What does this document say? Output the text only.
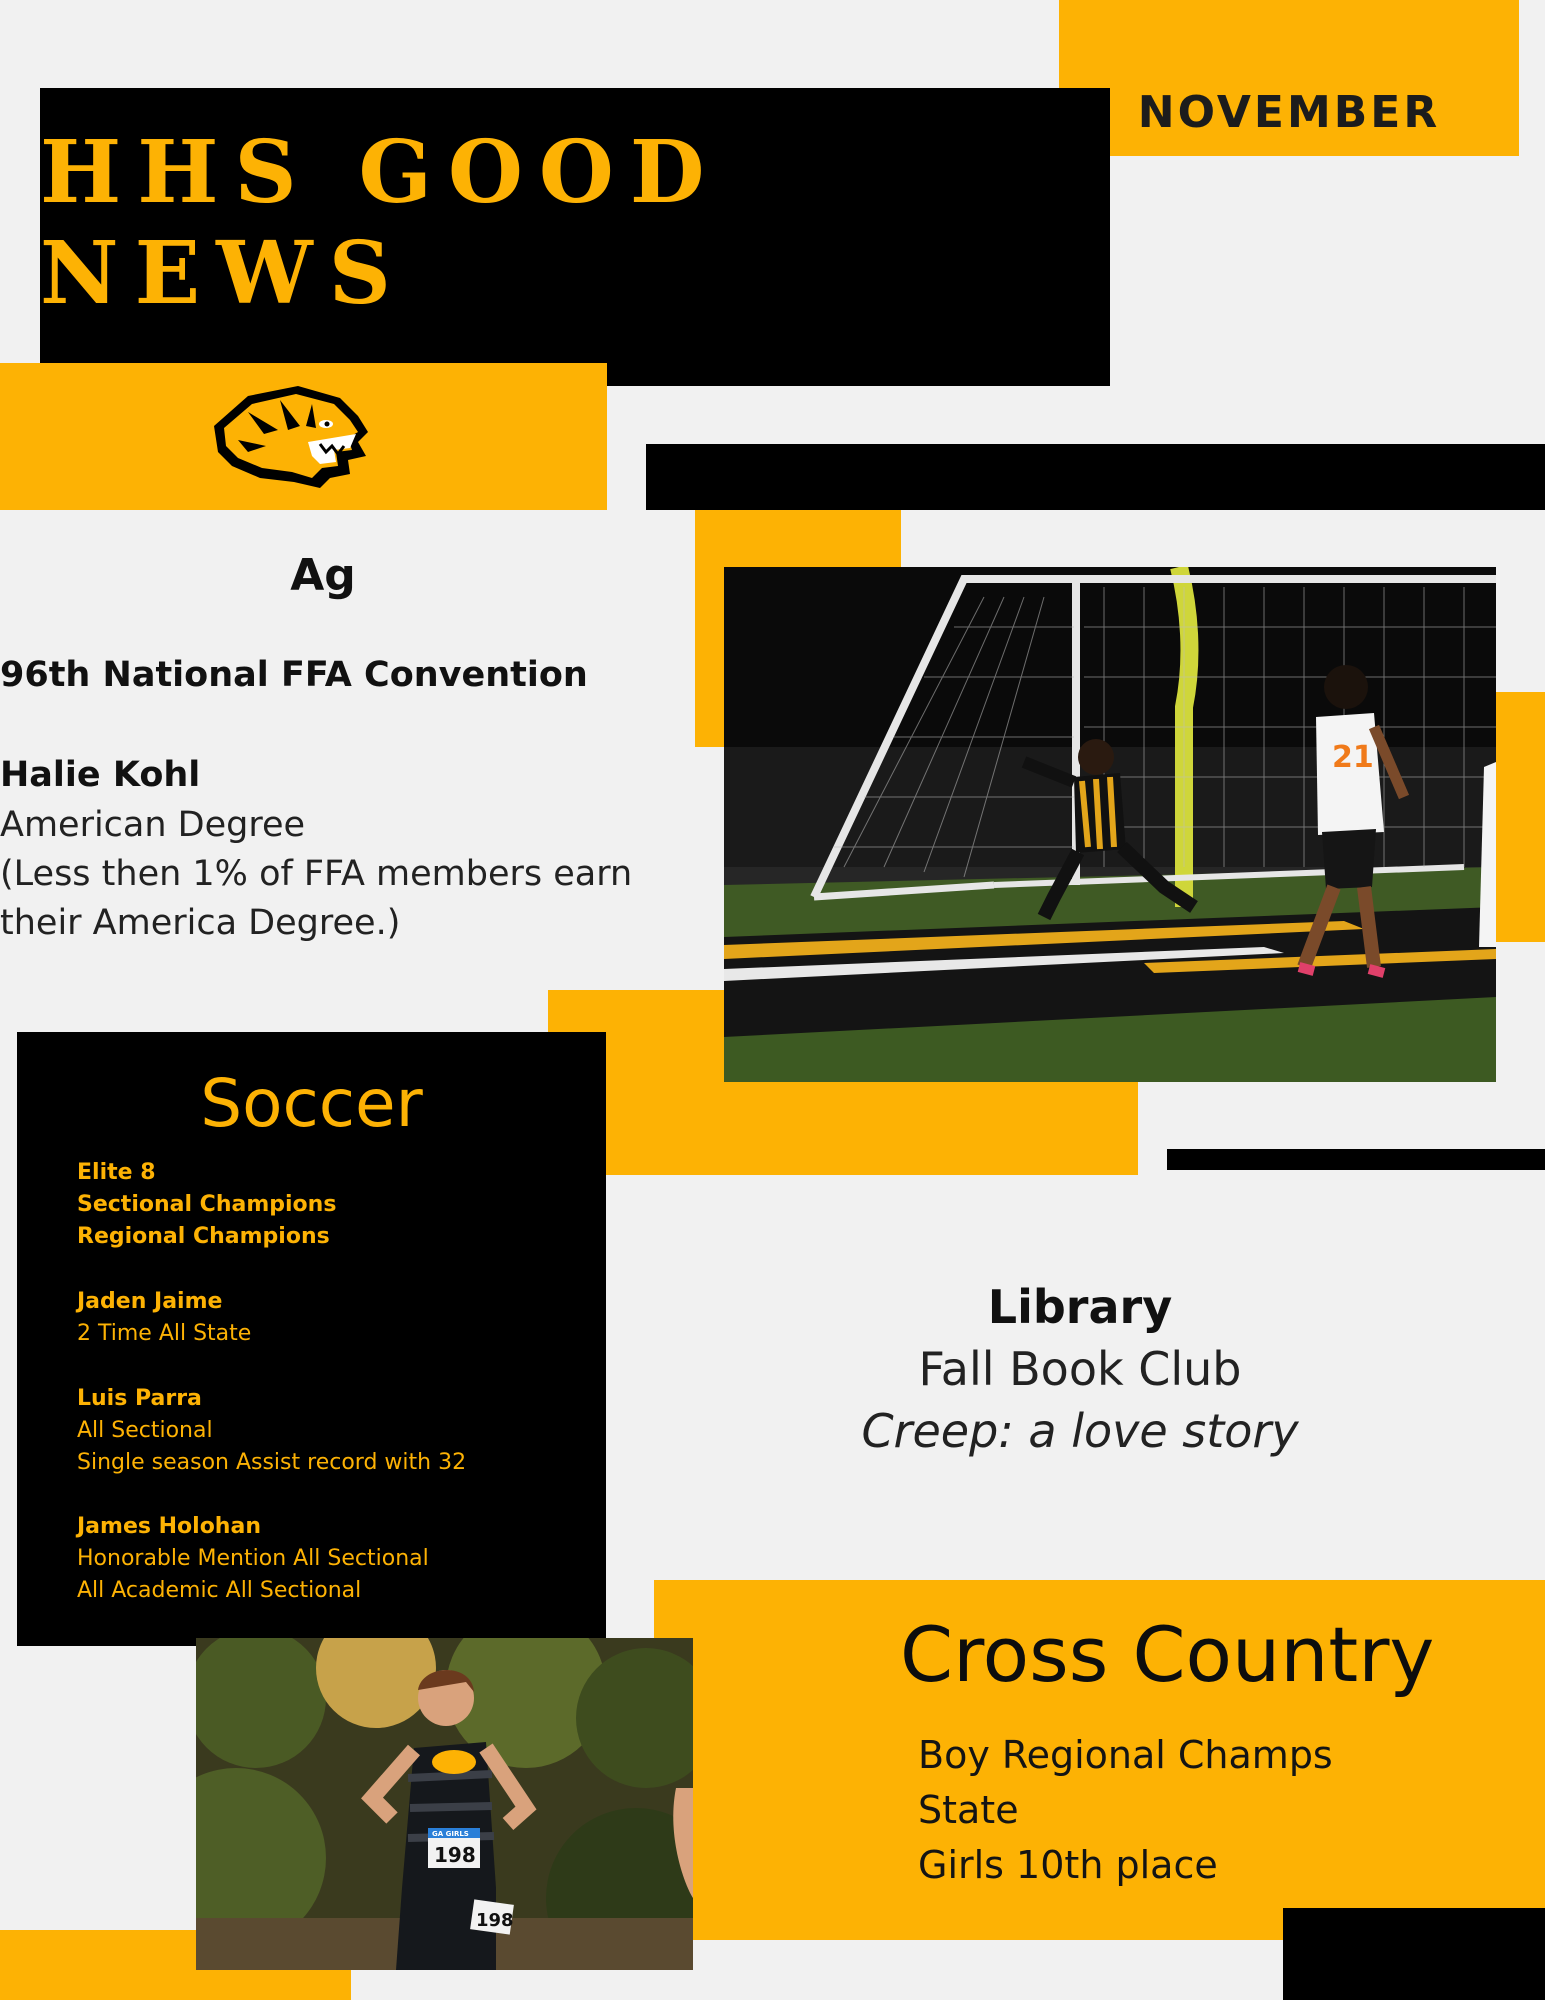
NOVEMBER
HHS GOOD NEWS
Ag
96th National FFA Convention
Halie Kohl
American Degree
(Less then 1% of FFA members earn
their America Degree.)
21
Soccer
Elite 8
Sectional Champions
Regional Champions
Jaden Jaime
2 Time All State
Luis Parra
All Sectional
Single season Assist record with 32
James Holohan
Honorable Mention All Sectional
All Academic All Sectional
Library
Fall Book Club
Creep: a love story
Cross Country
Boy Regional Champs
State
Girls 10th place
GA GIRLS
198
198
